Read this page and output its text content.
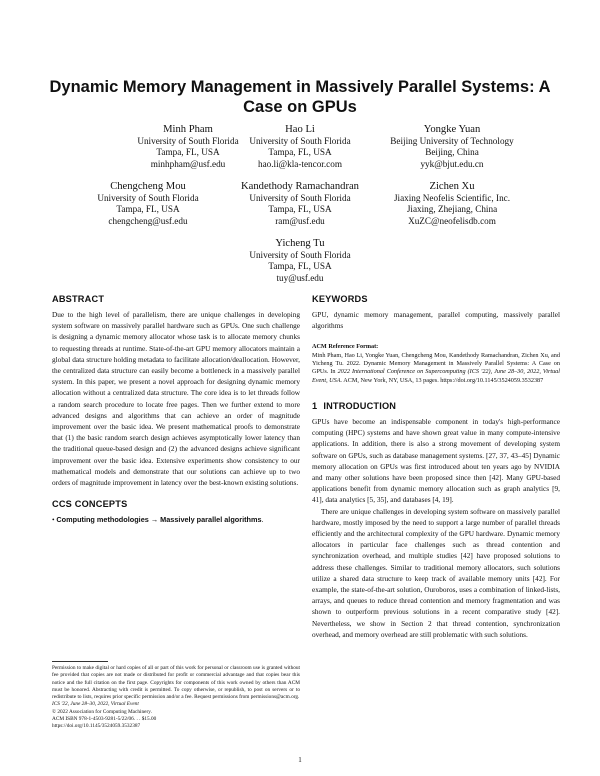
Dynamic Memory Management in Massively Parallel Systems: A Case on GPUs
Minh Pham
University of South Florida
Tampa, FL, USA
minhpham@usf.edu
Hao Li
University of South Florida
Tampa, FL, USA
hao.li@kla-tencor.com
Yongke Yuan
Beijing University of Technology
Beijing, China
yyk@bjut.edu.cn
Chengcheng Mou
University of South Florida
Tampa, FL, USA
chengcheng@usf.edu
Kandethody Ramachandran
University of South Florida
Tampa, FL, USA
ram@usf.edu
Zichen Xu
Jiaxing Neofelis Scientific, Inc.
Jiaxing, Zhejiang, China
XuZC@neofelisdb.com
Yicheng Tu
University of South Florida
Tampa, FL, USA
tuy@usf.edu
ABSTRACT

Due to the high level of parallelism, there are unique challenges in developing system software on massively parallel hardware such as GPUs. One such challenge is designing a dynamic memory allocator whose task is to allocate memory chunks to requesting threads at runtime. State-of-the-art GPU memory allocators maintain a global data structure holding metadata to facilitate allocation/deallocation. However, the centralized data structure can easily become a bottleneck in a massively parallel system. In this paper, we present a novel approach for designing dynamic memory allocation without a centralized data structure. The core idea is to let threads follow a random search procedure to locate free pages. Then we further extend to more advanced designs and algorithms that can achieve an order of magnitude improvement over the basic idea. We present mathematical proofs to demonstrate that (1) the basic random search design achieves asymptotically lower latency than the traditional queue-based design and (2) the advanced designs achieve significant improvement over the basic idea. Extensive experiments show consistency to our mathematical models and demonstrate that our solutions can achieve up to two orders of magnitude improvement in latency over the best-known existing solutions.

CCS CONCEPTS

• Computing methodologies → Massively parallel algorithms.

Permission to make digital or hard copies of all or part of this work for personal or classroom use is granted without fee provided that copies are not made or distributed for profit or commercial advantage and that copies bear this notice and the full citation on the first page. Copyrights for components of this work owned by others than ACM must be honored. Abstracting with credit is permitted. To copy otherwise, or republish, to post on servers or to redistribute to lists, requires prior specific permission and/or a fee. Request permissions from permissions@acm.org.
ICS '22, June 28–30, 2022, Virtual Event
© 2022 Association for Computing Machinery.
ACM ISBN 978-1-4503-9281-5/22/06. . . $15.00
https://doi.org/10.1145/3524059.3532387
KEYWORDS

GPU, dynamic memory management, parallel computing, massively parallel algorithms

ACM Reference Format:
Minh Pham, Hao Li, Yongke Yuan, Chengcheng Mou, Kandethody Ramachandran, Zichen Xu, and Yicheng Tu. 2022. Dynamic Memory Management in Massively Parallel Systems: A Case on GPUs. In 2022 International Conference on Supercomputing (ICS '22), June 28–30, 2022, Virtual Event, USA. ACM, New York, NY, USA, 13 pages. https://doi.org/10.1145/3524059.3532387
1 INTRODUCTION

GPUs have become an indispensable component in today's high-performance computing (HPC) systems and have shown great value in many compute-intensive applications. In addition, there is also a strong movement of developing system software on GPUs, such as database management systems. [27, 37, 43–45] Dynamic memory allocation on GPUs was first introduced about ten years ago by NVIDIA and many other solutions have been proposed since then [42]. Many GPU-based applications benefit from dynamic memory allocation such as graph analytics [9, 41], data analytics [5, 35], and databases [4, 19].

There are unique challenges in developing system software on massively parallel hardware, mostly imposed by the need to support a large number of parallel threads efficiently and the architectural complexity of the GPU hardware. Dynamic memory allocators in particular face challenges such as thread contention and synchronization overhead, and multiple studies [42] have proposed solutions to address these challenges. Similar to traditional memory allocators, such solutions utilize a shared data structure to keep track of available memory units [42]. For example, the state-of-the-art solution, Ouroboros, uses a combination of linked-lists, arrays, and queues to reduce thread contention and memory fragmentation and was shown to outperform previous solutions in a recent comparative study [42]. Nevertheless, we show in Section 2 that thread contention, synchronization overhead, and memory overhead are still problematic with such solutions.

1
